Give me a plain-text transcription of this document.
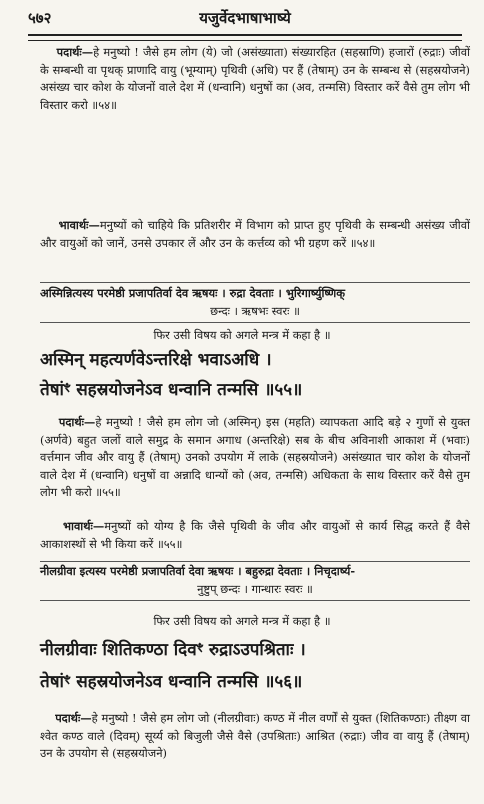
५७२	यजुर्वेदभाषाभाष्ये
पदार्थः—हे मनुष्यो ! जैसे हम लोग (ये) जो (असंख्याता) संख्यारहित (सहस्राणि) हजारों (रुद्राः) जीवों के सम्बन्धी वा पृथक् प्राणादि वायु (भूम्याम्) पृथिवी (अधि) पर हैं (तेषाम्) उन के सम्बन्ध से (सहस्रयोजने) असंख्य चार कोश के योजनों वाले देश में (धन्वानि) धनुषों का (अव, तन्मसि) विस्तार करें वैसे तुम लोग भी विस्तार करो ॥५४॥
भावार्थः—मनुष्यों को चाहिये कि प्रतिशरीर में विभाग को प्राप्त हुए पृथिवी के सम्बन्धी असंख्य जीवों और वायुओं को जानें, उनसे उपकार लें और उन के कर्त्तव्य को भी ग्रहण करें ॥५४॥
अस्मिन्नित्यस्य परमेष्ठी प्रजापतिर्वा देव ऋषयः । रुद्रा देवताः । भुरिगार्ष्युष्णिक्
छन्दः । ऋषभः स्वरः ॥
फिर उसी विषय को अगले मन्त्र में कहा है ॥
अस्मिन् महत्यर्णवेऽन्तरिक्षे भवाऽअधि ।
तेषांꣳ सहस्रयोजनेऽव धन्वानि तन्मसि ॥५५॥
पदार्थः—हे मनुष्यो ! जैसे हम लोग जो (अस्मिन्) इस (महति) व्यापकता आदि बड़े २ गुणों से युक्त (अर्णवे) बहुत जलों वाले समुद्र के समान अगाध (अन्तरिक्षे) सब के बीच अविनाशी आकाश में (भवाः) वर्त्तमान जीव और वायु हैं (तेषाम्) उनको उपयोग में लाके (सहस्रयोजने) असंख्यात चार कोश के योजनों वाले देश में (धन्वानि) धनुषों वा अन्नादि धान्यों को (अव, तन्मसि) अधिकता के साथ विस्तार करें वैसे तुम लोग भी करो ॥५५॥
भावार्थः—मनुष्यों को योग्य है कि जैसे पृथिवी के जीव और वायुओं से कार्य सिद्ध करते हैं वैसे आकाशस्थों से भी किया करें ॥५५॥
नीलग्रीवा इत्यस्य परमेष्ठी प्रजापतिर्वा देवा ऋषयः । बहुरुद्रा देवताः । निचृदार्ष्य-
नुष्टुप् छन्दः । गान्धारः स्वरः ॥
फिर उसी विषय को अगले मन्त्र में कहा है ॥
नीलग्रीवाः शितिकण्ठा दिवꣳ रुद्राऽउपश्रिताः ।
तेषांꣳ सहस्रयोजनेऽव धन्वानि तन्मसि ॥५६॥
पदार्थः—हे मनुष्यो ! जैसे हम लोग जो (नीलग्रीवाः) कण्ठ में नील वर्णों से युक्त (शितिकण्ठाः) तीक्ष्ण वा श्वेत कण्ठ वाले (दिवम्) सूर्य्य को बिजुली जैसे वैसे (उपश्रिताः) आश्रित (रुद्राः) जीव वा वायु हैं (तेषाम्) उन के उपयोग से (सहस्रयोजने)
